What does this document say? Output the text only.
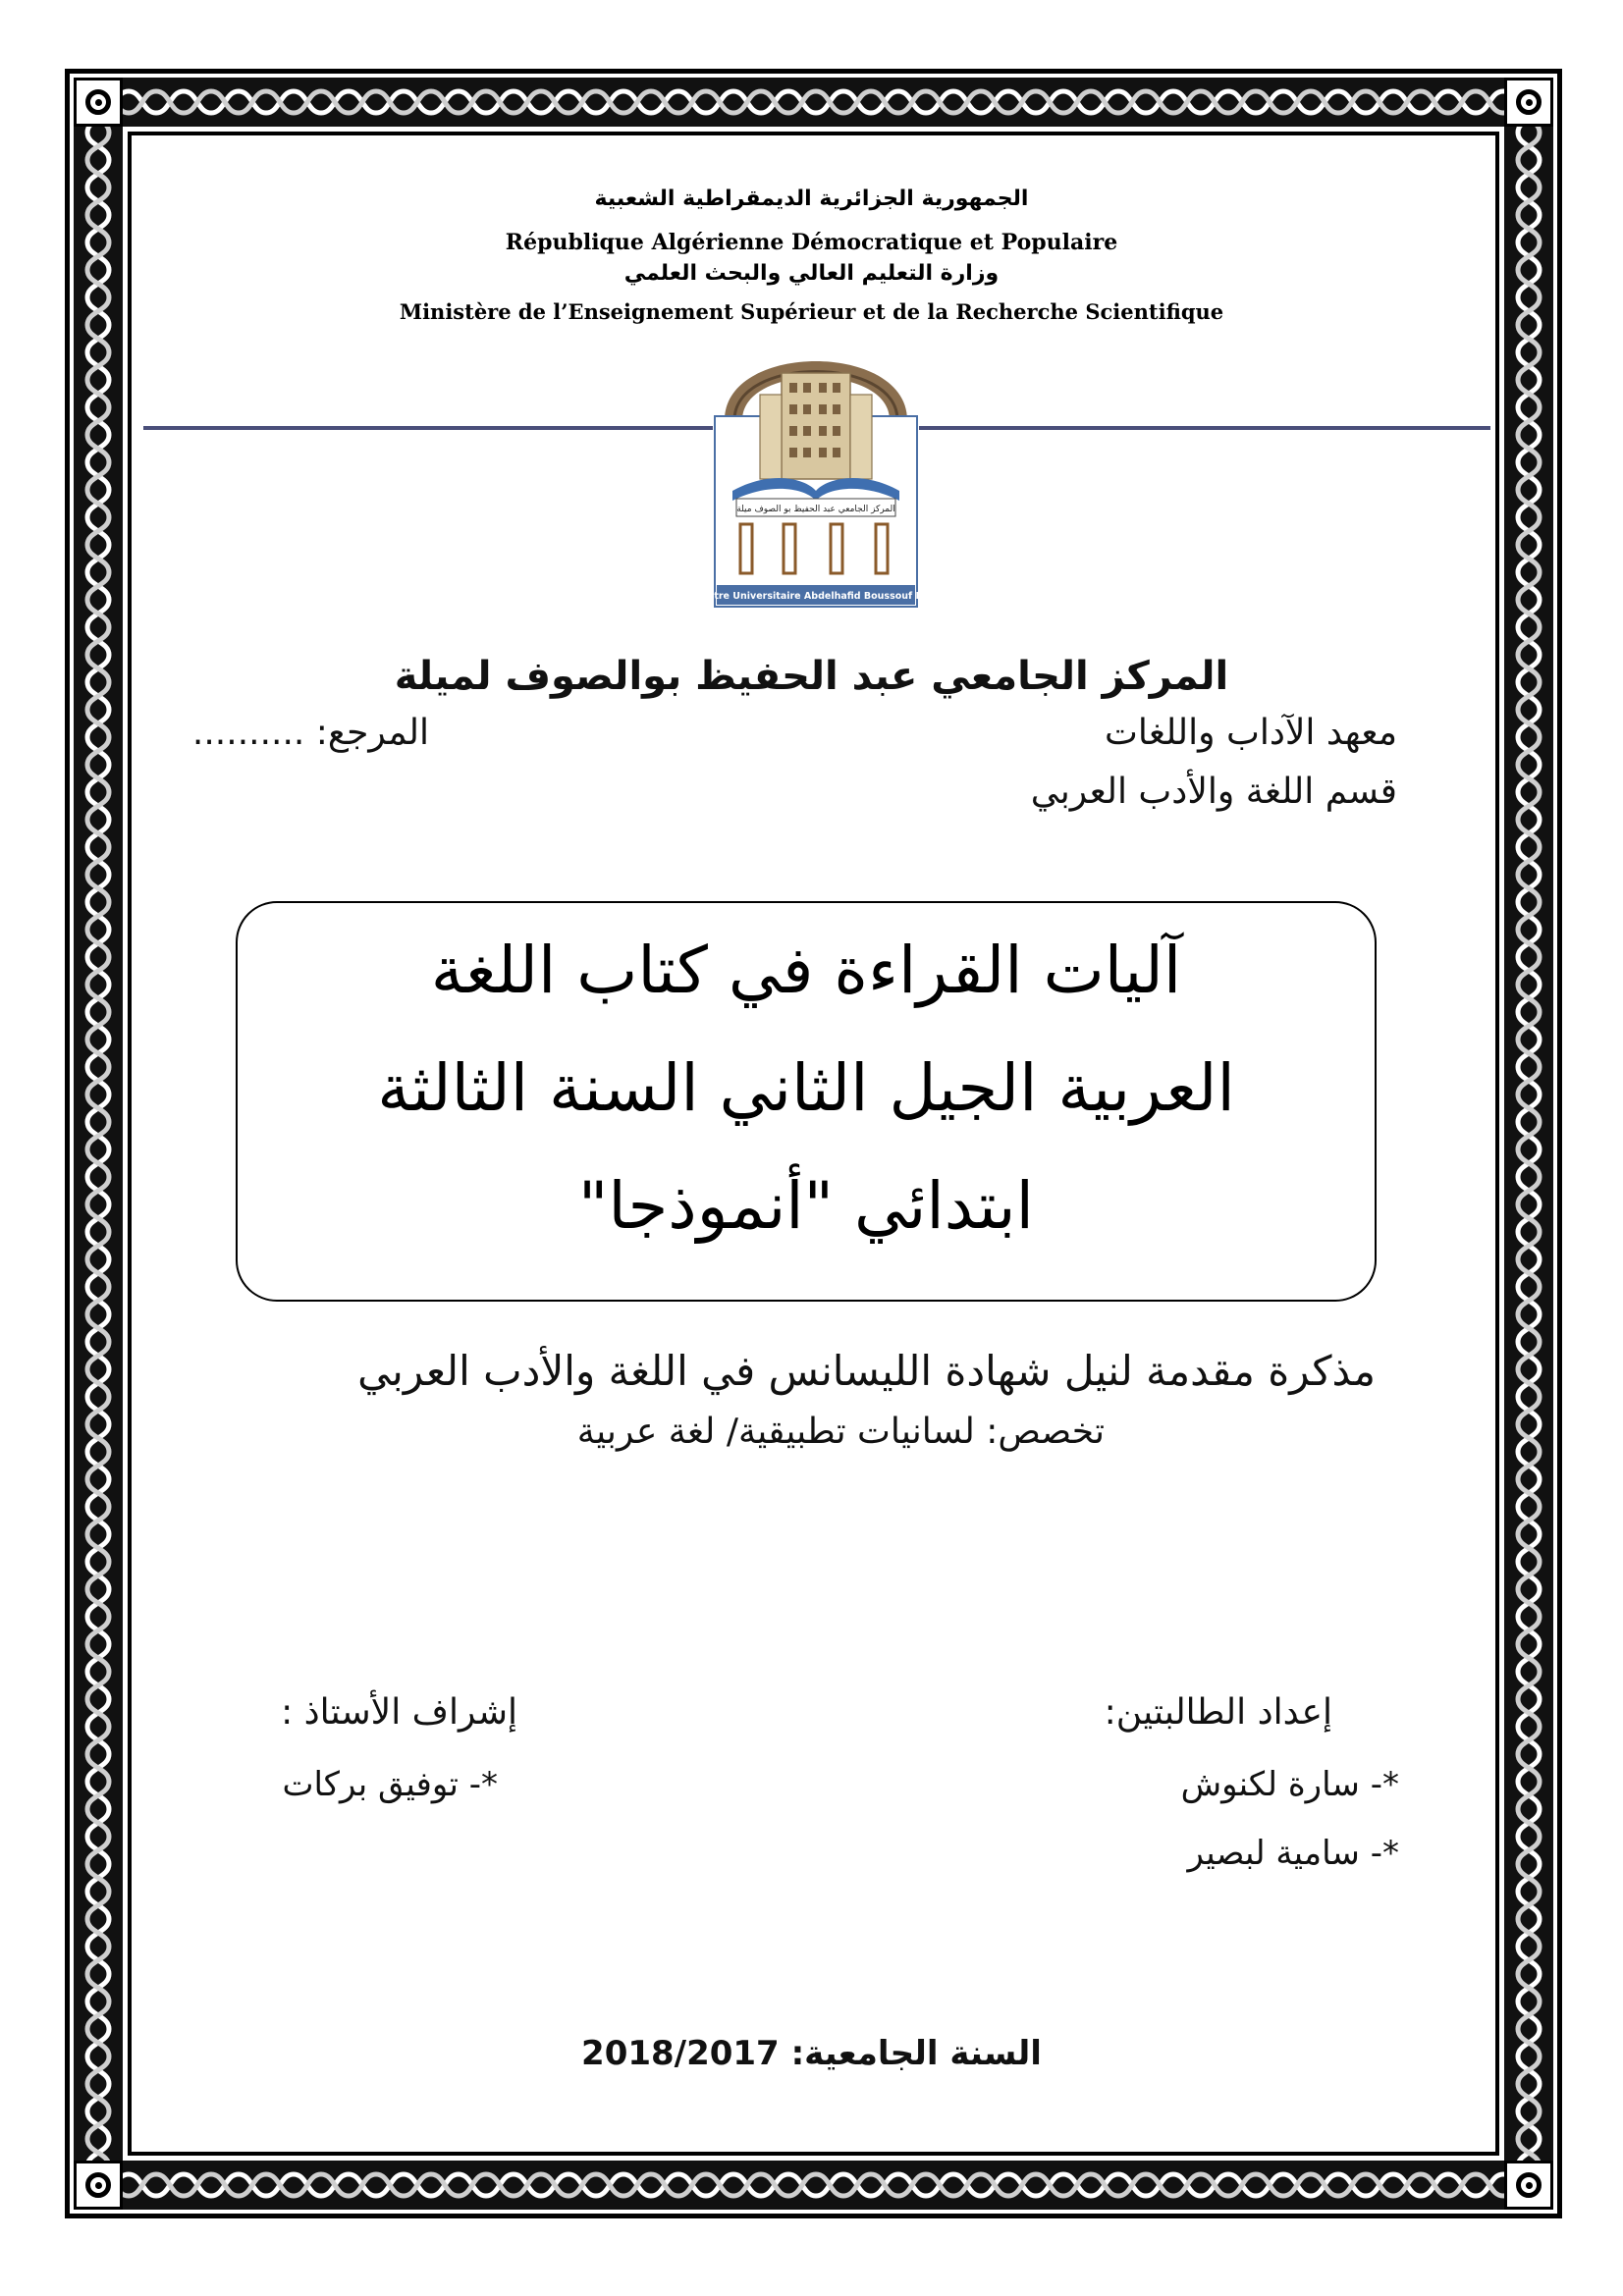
الجمهورية الجزائرية الديمقراطية الشعبية
République Algérienne Démocratique et Populaire
وزارة التعليم العالي والبحث العلمي
Ministère de l’Enseignement Supérieur et de la Recherche Scientifique
المركز الجامعي عبد الحفيظ بو الصوف ميلة
Centre Universitaire Abdelhafid Boussouf Mila
المركز الجامعي عبد الحفيظ بوالصوف لميلة
معهد الآداب واللغات
المرجع: ..........
قسم اللغة والأدب العربي
آليات القراءة في كتاب اللغة
العربية الجيل الثاني السنة الثالثة
ابتدائي "أنموذجا"
مذكرة مقدمة لنيل شهادة الليسانس في اللغة والأدب العربي
تخصص: لسانيات تطبيقية/ لغة عربية
إعداد الطالبتين:
*- سارة لكنوش
*- سامية لبصير
إشراف الأستاذ :
*- توفيق بركات
السنة الجامعية: 2018/2017
